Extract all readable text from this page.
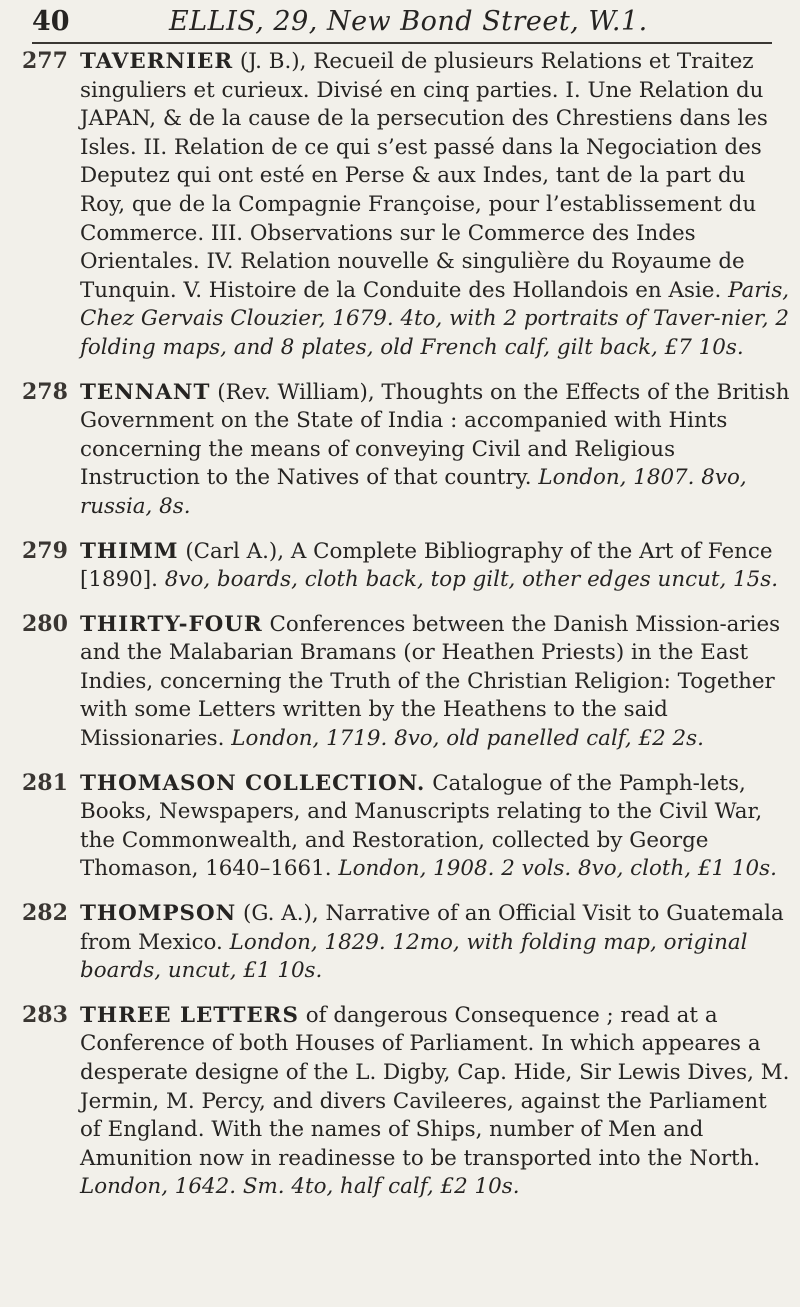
40	ELLIS, 29, New Bond Street, W.1.
277 TAVERNIER (J. B.), Recueil de plusieurs Relations et Traitez singuliers et curieux. Divisé en cinq parties. I. Une Relation du JAPAN, & de la cause de la persecution des Chrestiens dans les Isles. II. Relation de ce qui s’est passé dans la Negociation des Deputez qui ont esté en Perse & aux Indes, tant de la part du Roy, que de la Compagnie Françoise, pour l’establissement du Commerce. III. Observations sur le Commerce des Indes Orientales. IV. Relation nouvelle & singulière du Royaume de Tunquin. V. Histoire de la Conduite des Hollandois en Asie. Paris, Chez Gervais Clouzier, 1679. 4to, with 2 portraits of Taver-nier, 2 folding maps, and 8 plates, old French calf, gilt back, £7 10s.
278 TENNANT (Rev. William), Thoughts on the Effects of the British Government on the State of India : accompanied with Hints concerning the means of conveying Civil and Religious Instruction to the Natives of that country. London, 1807. 8vo, russia, 8s.
279 THIMM (Carl A.), A Complete Bibliography of the Art of Fence [1890]. 8vo, boards, cloth back, top gilt, other edges uncut, 15s.
280 THIRTY-FOUR Conferences between the Danish Mission-aries and the Malabarian Bramans (or Heathen Priests) in the East Indies, concerning the Truth of the Christian Religion: Together with some Letters written by the Heathens to the said Missionaries. London, 1719. 8vo, old panelled calf, £2 2s.
281 THOMASON COLLECTION. Catalogue of the Pamph-lets, Books, Newspapers, and Manuscripts relating to the Civil War, the Commonwealth, and Restoration, collected by George Thomason, 1640–1661. London, 1908. 2 vols. 8vo, cloth, £1 10s.
282 THOMPSON (G. A.), Narrative of an Official Visit to Guatemala from Mexico. London, 1829. 12mo, with folding map, original boards, uncut, £1 10s.
283 THREE LETTERS of dangerous Consequence ; read at a Conference of both Houses of Parliament. In which appeares a desperate designe of the L. Digby, Cap. Hide, Sir Lewis Dives, M. Jermin, M. Percy, and divers Cavileeres, against the Parliament of England. With the names of Ships, number of Men and Amunition now in readinesse to be transported into the North. London, 1642. Sm. 4to, half calf, £2 10s.
